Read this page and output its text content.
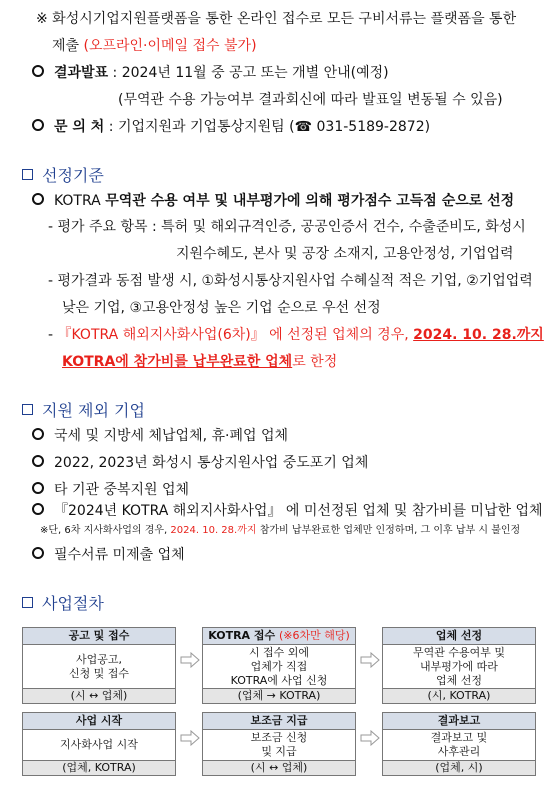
※ 화성시기업지원플랫폼을 통한 온라인 접수로 모든 구비서류는 플랫폼을 통한
제출 (오프라인·이메일 접수 불가)
결과발표 : 2024년 11월 중 공고 또는 개별 안내(예정)
(무역관 수용 가능여부 결과회신에 따라 발표일 변동될 수 있음)
문 의 처 : 기업지원과 기업통상지원팀 (☎ 031-5189-2872)
선정기준
KOTRA 무역관 수용 여부 및 내부평가에 의해 평가점수 고득점 순으로 선정
- 평가 주요 항목 : 특허 및 해외규격인증, 공공인증서 건수, 수출준비도, 화성시
지원수혜도, 본사 및 공장 소재지, 고용안정성, 기업업력
- 평가결과 동점 발생 시, ①화성시통상지원사업 수혜실적 적은 기업, ②기업업력
낮은 기업, ③고용안정성 높은 기업 순으로 우선 선정
- 『KOTRA 해외지사화사업(6차)』 에 선정된 업체의 경우, 2024. 10. 28.까지
KOTRA에 참가비를 납부완료한 업체로 한정
지원 제외 기업
국세 및 지방세 체납업체, 휴·폐업 업체
2022, 2023년 화성시 통상지원사업 중도포기 업체
타 기관 중복지원 업체
『2024년 KOTRA 해외지사화사업』 에 미선정된 업체 및 참가비를 미납한 업체
※단, 6차 지사화사업의 경우, 2024. 10. 28.까지 참가비 납부완료한 업체만 인정하며, 그 이후 납부 시 불인정
필수서류 미제출 업체
사업절차
공고 및 접수
사업공고,
신청 및 접수
(시 ↔ 업체)
KOTRA 접수 (※6차만 해당)
시 접수 외에
업체가 직접
KOTRA에 사업 신청
(업체 → KOTRA)
업체 선정
무역관 수용여부 및
내부평가에 따라
업체 선정
(시, KOTRA)
사업 시작
지사화사업 시작
(업체, KOTRA)
보조금 지급
보조금 신청
및 지급
(시 ↔ 업체)
결과보고
결과보고 및
사후관리
(업체, 시)
